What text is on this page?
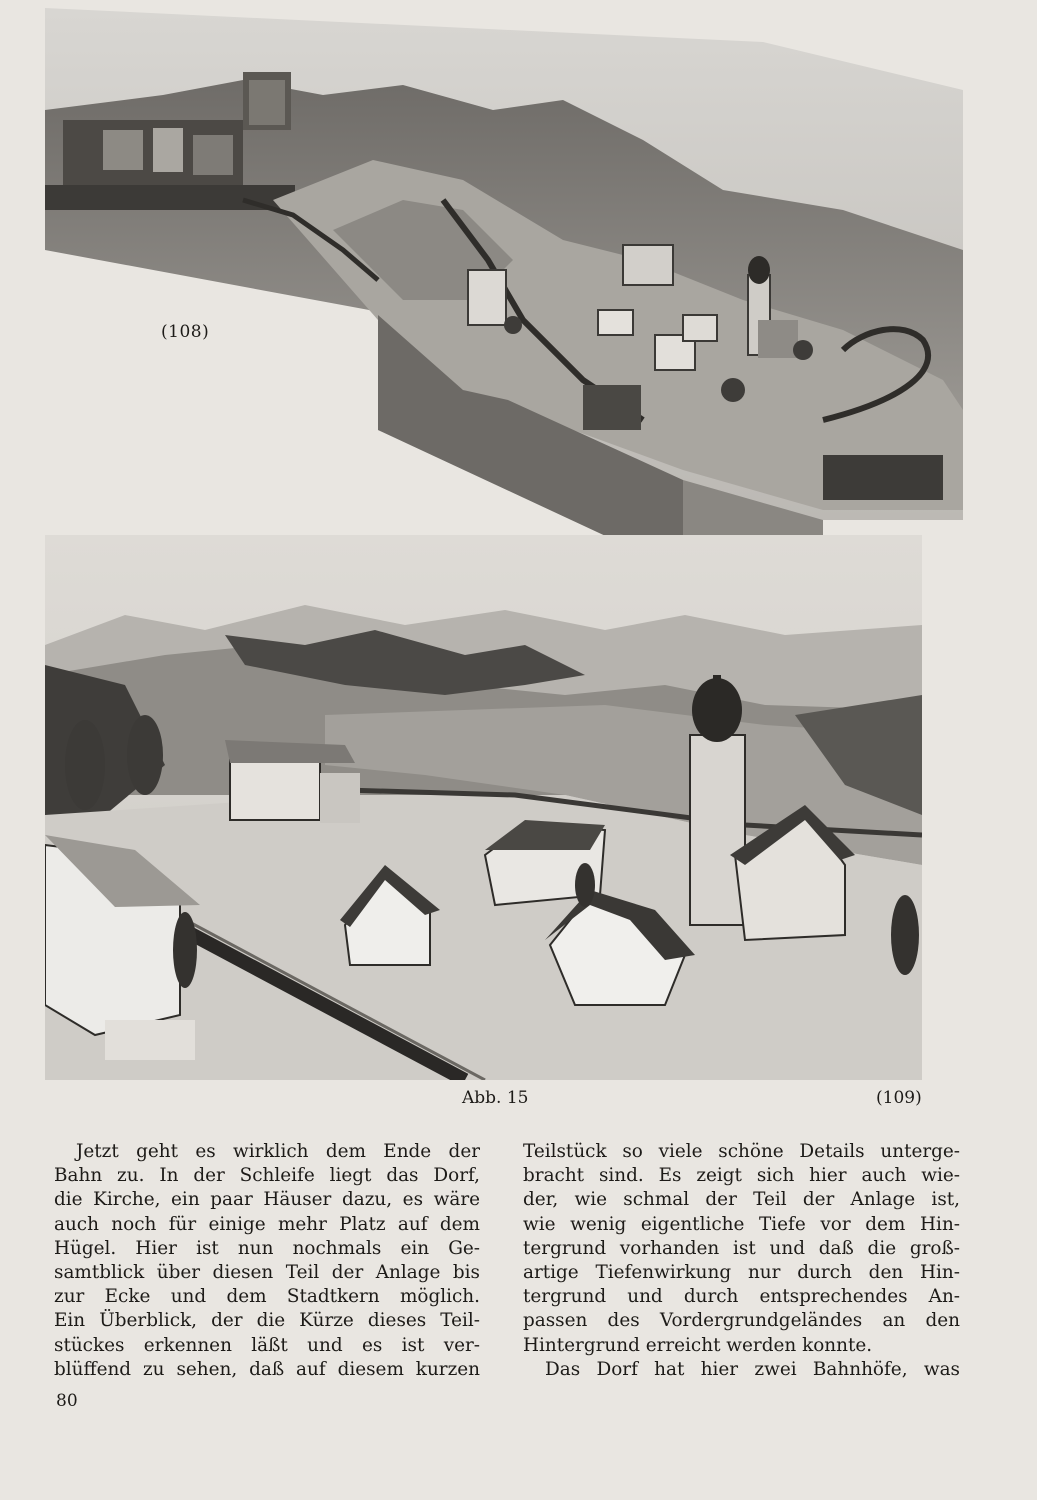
(108)
Abb. 15	(109)
Jetzt geht es wirklich dem Ende der
Bahn zu. In der Schleife liegt das Dorf,
die Kirche, ein paar Häuser dazu, es wäre
auch noch für einige mehr Platz auf dem
Hügel. Hier ist nun nochmals ein Ge-
samtblick über diesen Teil der Anlage bis
zur Ecke und dem Stadtkern möglich.
Ein Überblick, der die Kürze dieses Teil-
stückes erkennen läßt und es ist ver-
blüffend zu sehen, daß auf diesem kurzen
Teilstück so viele schöne Details unterge-
bracht sind. Es zeigt sich hier auch wie-
der, wie schmal der Teil der Anlage ist,
wie wenig eigentliche Tiefe vor dem Hin-
tergrund vorhanden ist und daß die groß-
artige Tiefenwirkung nur durch den Hin-
tergrund und durch entsprechendes An-
passen des Vordergrundgeländes an den
Hintergrund erreicht werden konnte.
Das Dorf hat hier zwei Bahnhöfe, was
80
